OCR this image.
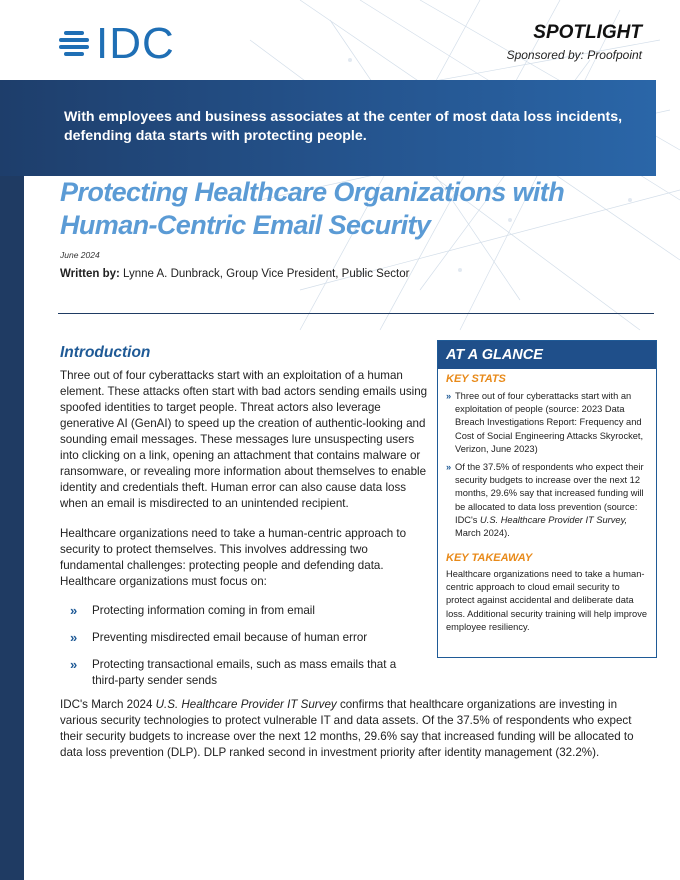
IDC	SPOTLIGHT
Sponsored by: Proofpoint
With employees and business associates at the center of most data loss incidents, defending data starts with protecting people.
Protecting Healthcare Organizations with
Human-Centric Email Security
June 2024
Written by: Lynne A. Dunbrack, Group Vice President, Public Sector
Introduction
Three out of four cyberattacks start with an exploitation of a human element. These attacks often start with bad actors sending emails using spoofed identities to target people. Threat actors also leverage generative AI (GenAI) to speed up the creation of authentic-looking and sounding email messages. These messages lure unsuspecting users into clicking on a link, opening an attachment that contains malware or ransomware, or revealing more information about themselves to enable identity and credentials theft. Human error can also cause data loss when an email is misdirected to an unintended recipient.
Healthcare organizations need to take a human-centric approach to security to protect themselves. This involves addressing two fundamental challenges: protecting people and defending data. Healthcare organizations must focus on:
» Protecting information coming in from email
» Preventing misdirected email because of human error
» Protecting transactional emails, such as mass emails that a third-party sender sends
IDC's March 2024 U.S. Healthcare Provider IT Survey confirms that healthcare organizations are investing in various security technologies to protect vulnerable IT and data assets. Of the 37.5% of respondents who expect their security budgets to increase over the next 12 months, 29.6% say that increased funding will be allocated to data loss prevention (DLP). DLP ranked second in investment priority after identity management (32.2%).
AT A GLANCE
KEY STATS
» Three out of four cyberattacks start with an exploitation of people (source: 2023 Data Breach Investigations Report: Frequency and Cost of Social Engineering Attacks Skyrocket, Verizon, June 2023)
» Of the 37.5% of respondents who expect their security budgets to increase over the next 12 months, 29.6% say that increased funding will be allocated to data loss prevention (source: IDC's U.S. Healthcare Provider IT Survey, March 2024).
KEY TAKEAWAY
Healthcare organizations need to take a human-centric approach to cloud email security to protect against accidental and deliberate data loss. Additional security training will help improve employee resiliency.
